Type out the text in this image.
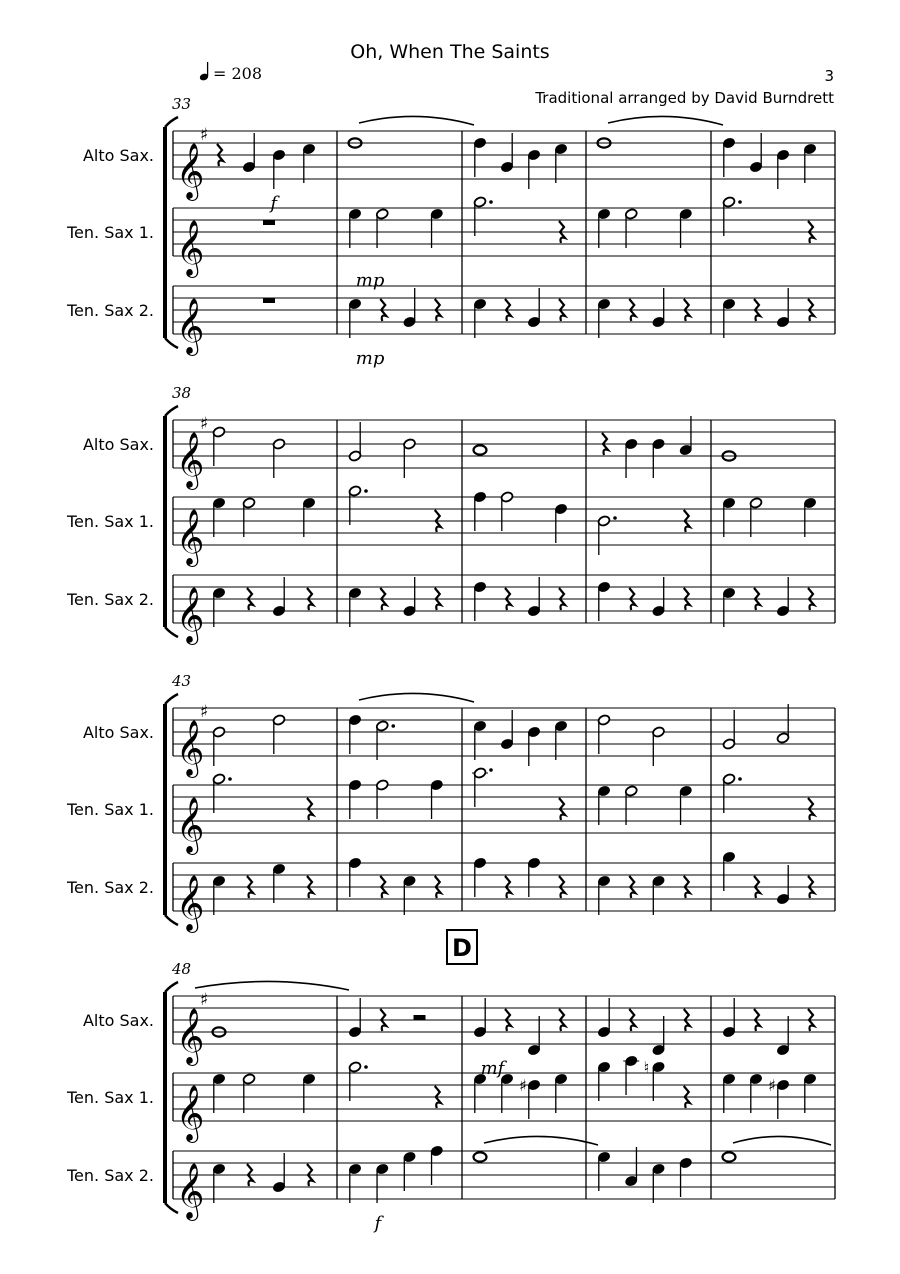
Oh, When The Saints
3
Traditional arranged by David Burndrett
= 208
33
Alto Sax. 𝄞
♯
Ten. Sax 1. 𝄞
Ten. Sax 2. 𝄞
f
mp
mp
38
Alto Sax. 𝄞
♯
Ten. Sax 1. 𝄞
Ten. Sax 2. 𝄞
43
Alto Sax. 𝄞
♯
Ten. Sax 1. 𝄞
Ten. Sax 2. 𝄞
48
D
Alto Sax. 𝄞
♯
Ten. Sax 1. 𝄞	♯
♮
♯
Ten. Sax 2. 𝄞
mf
f
